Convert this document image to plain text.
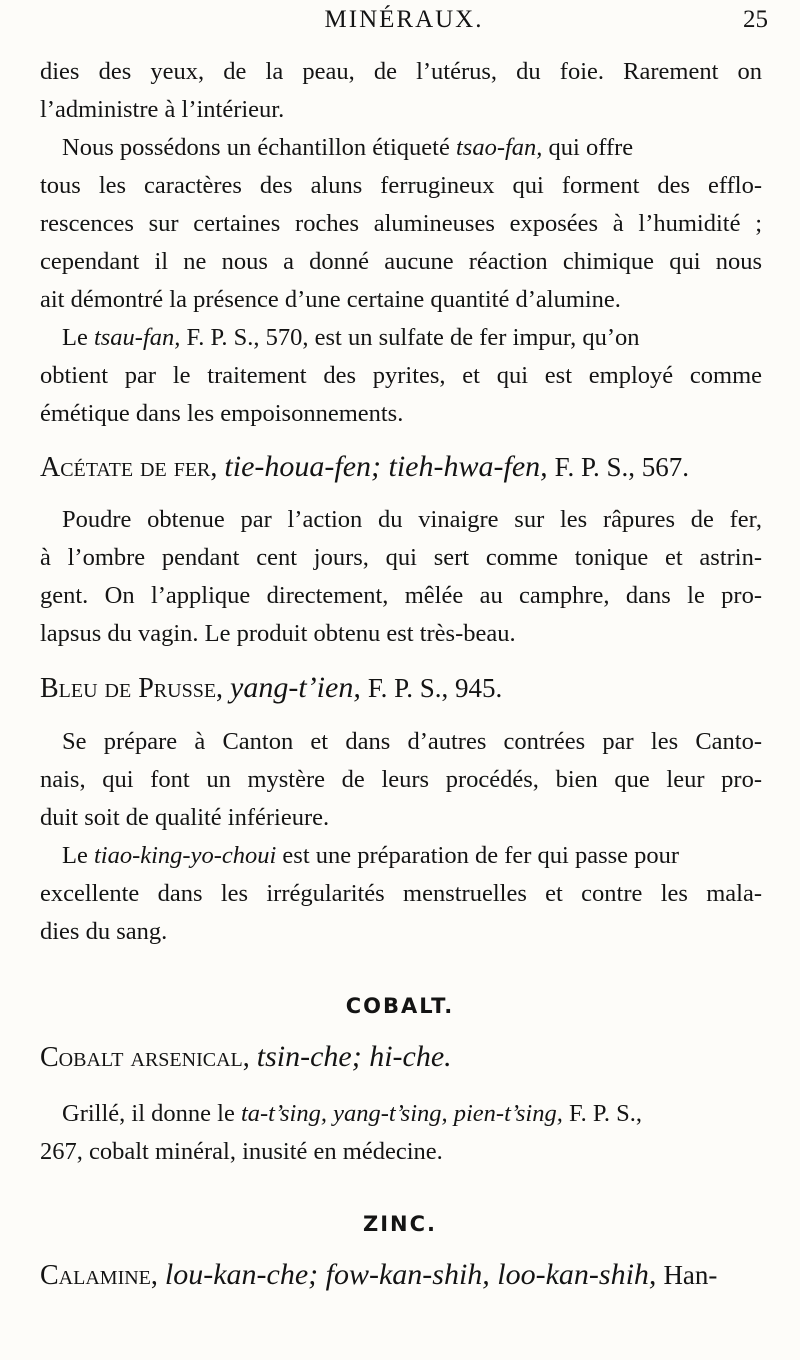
MINÉRAUX.	25
dies des yeux, de la peau, de l’utérus, du foie. Rarement on
l’administre à l’intérieur.
Nous possédons un échantillon étiqueté tsao-fan, qui offre
tous les caractères des aluns ferrugineux qui forment des efflo-
rescences sur certaines roches alumineuses exposées à l’humidité ;
cependant il ne nous a donné aucune réaction chimique qui nous
ait démontré la présence d’une certaine quantité d’alumine.
Le tsau-fan, F. P. S., 570, est un sulfate de fer impur, qu’on
obtient par le traitement des pyrites, et qui est employé comme
émétique dans les empoisonnements.
Acétate de fer, tie-houa-fen; tieh-hwa-fen, F. P. S., 567.
Poudre obtenue par l’action du vinaigre sur les râpures de fer,
à l’ombre pendant cent jours, qui sert comme tonique et astrin-
gent. On l’applique directement, mêlée au camphre, dans le pro-
lapsus du vagin. Le produit obtenu est très-beau.
Bleu de Prusse, yang-t’ien, F. P. S., 945.
Se prépare à Canton et dans d’autres contrées par les Canto-
nais, qui font un mystère de leurs procédés, bien que leur pro-
duit soit de qualité inférieure.
Le tiao-king-yo-choui est une préparation de fer qui passe pour
excellente dans les irrégularités menstruelles et contre les mala-
dies du sang.
COBALT.
Cobalt arsenical, tsin-che; hi-che.
Grillé, il donne le ta-t’sing, yang-t’sing, pien-t’sing, F. P. S.,
267, cobalt minéral, inusité en médecine.
ZINC.
Calamine, lou-kan-che; fow-kan-shih, loo-kan-shih, Han-
